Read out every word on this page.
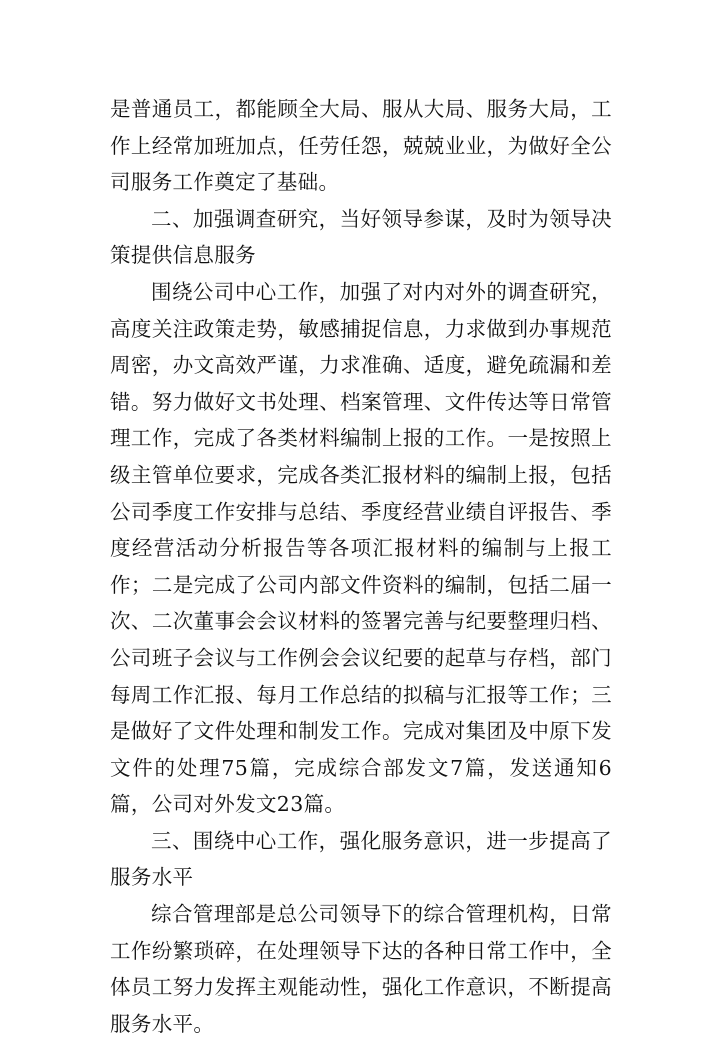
是普通员工，都能顾全大局、服从大局、服务大局，工作上经常加班加点，任劳任怨，兢兢业业，为做好全公司服务工作奠定了基础。

二、加强调查研究，当好领导参谋，及时为领导决策提供信息服务

围绕公司中心工作，加强了对内对外的调查研究，高度关注政策走势，敏感捕捉信息，力求做到办事规范周密，办文高效严谨，力求准确、适度，避免疏漏和差错。努力做好文书处理、档案管理、文件传达等日常管理工作，完成了各类材料编制上报的工作。一是按照上级主管单位要求，完成各类汇报材料的编制上报，包括公司季度工作安排与总结、季度经营业绩自评报告、季度经营活动分析报告等各项汇报材料的编制与上报工作；二是完成了公司内部文件资料的编制，包括二届一次、二次董事会会议材料的签署完善与纪要整理归档、公司班子会议与工作例会会议纪要的起草与存档，部门每周工作汇报、每月工作总结的拟稿与汇报等工作；三是做好了文件处理和制发工作。完成对集团及中原下发文件的处理75篇，完成综合部发文7篇，发送通知6篇，公司对外发文23篇。

三、围绕中心工作，强化服务意识，进一步提高了服务水平

综合管理部是总公司领导下的综合管理机构，日常工作纷繁琐碎，在处理领导下达的各种日常工作中，全体员工努力发挥主观能动性，强化工作意识，不断提高服务水平。
